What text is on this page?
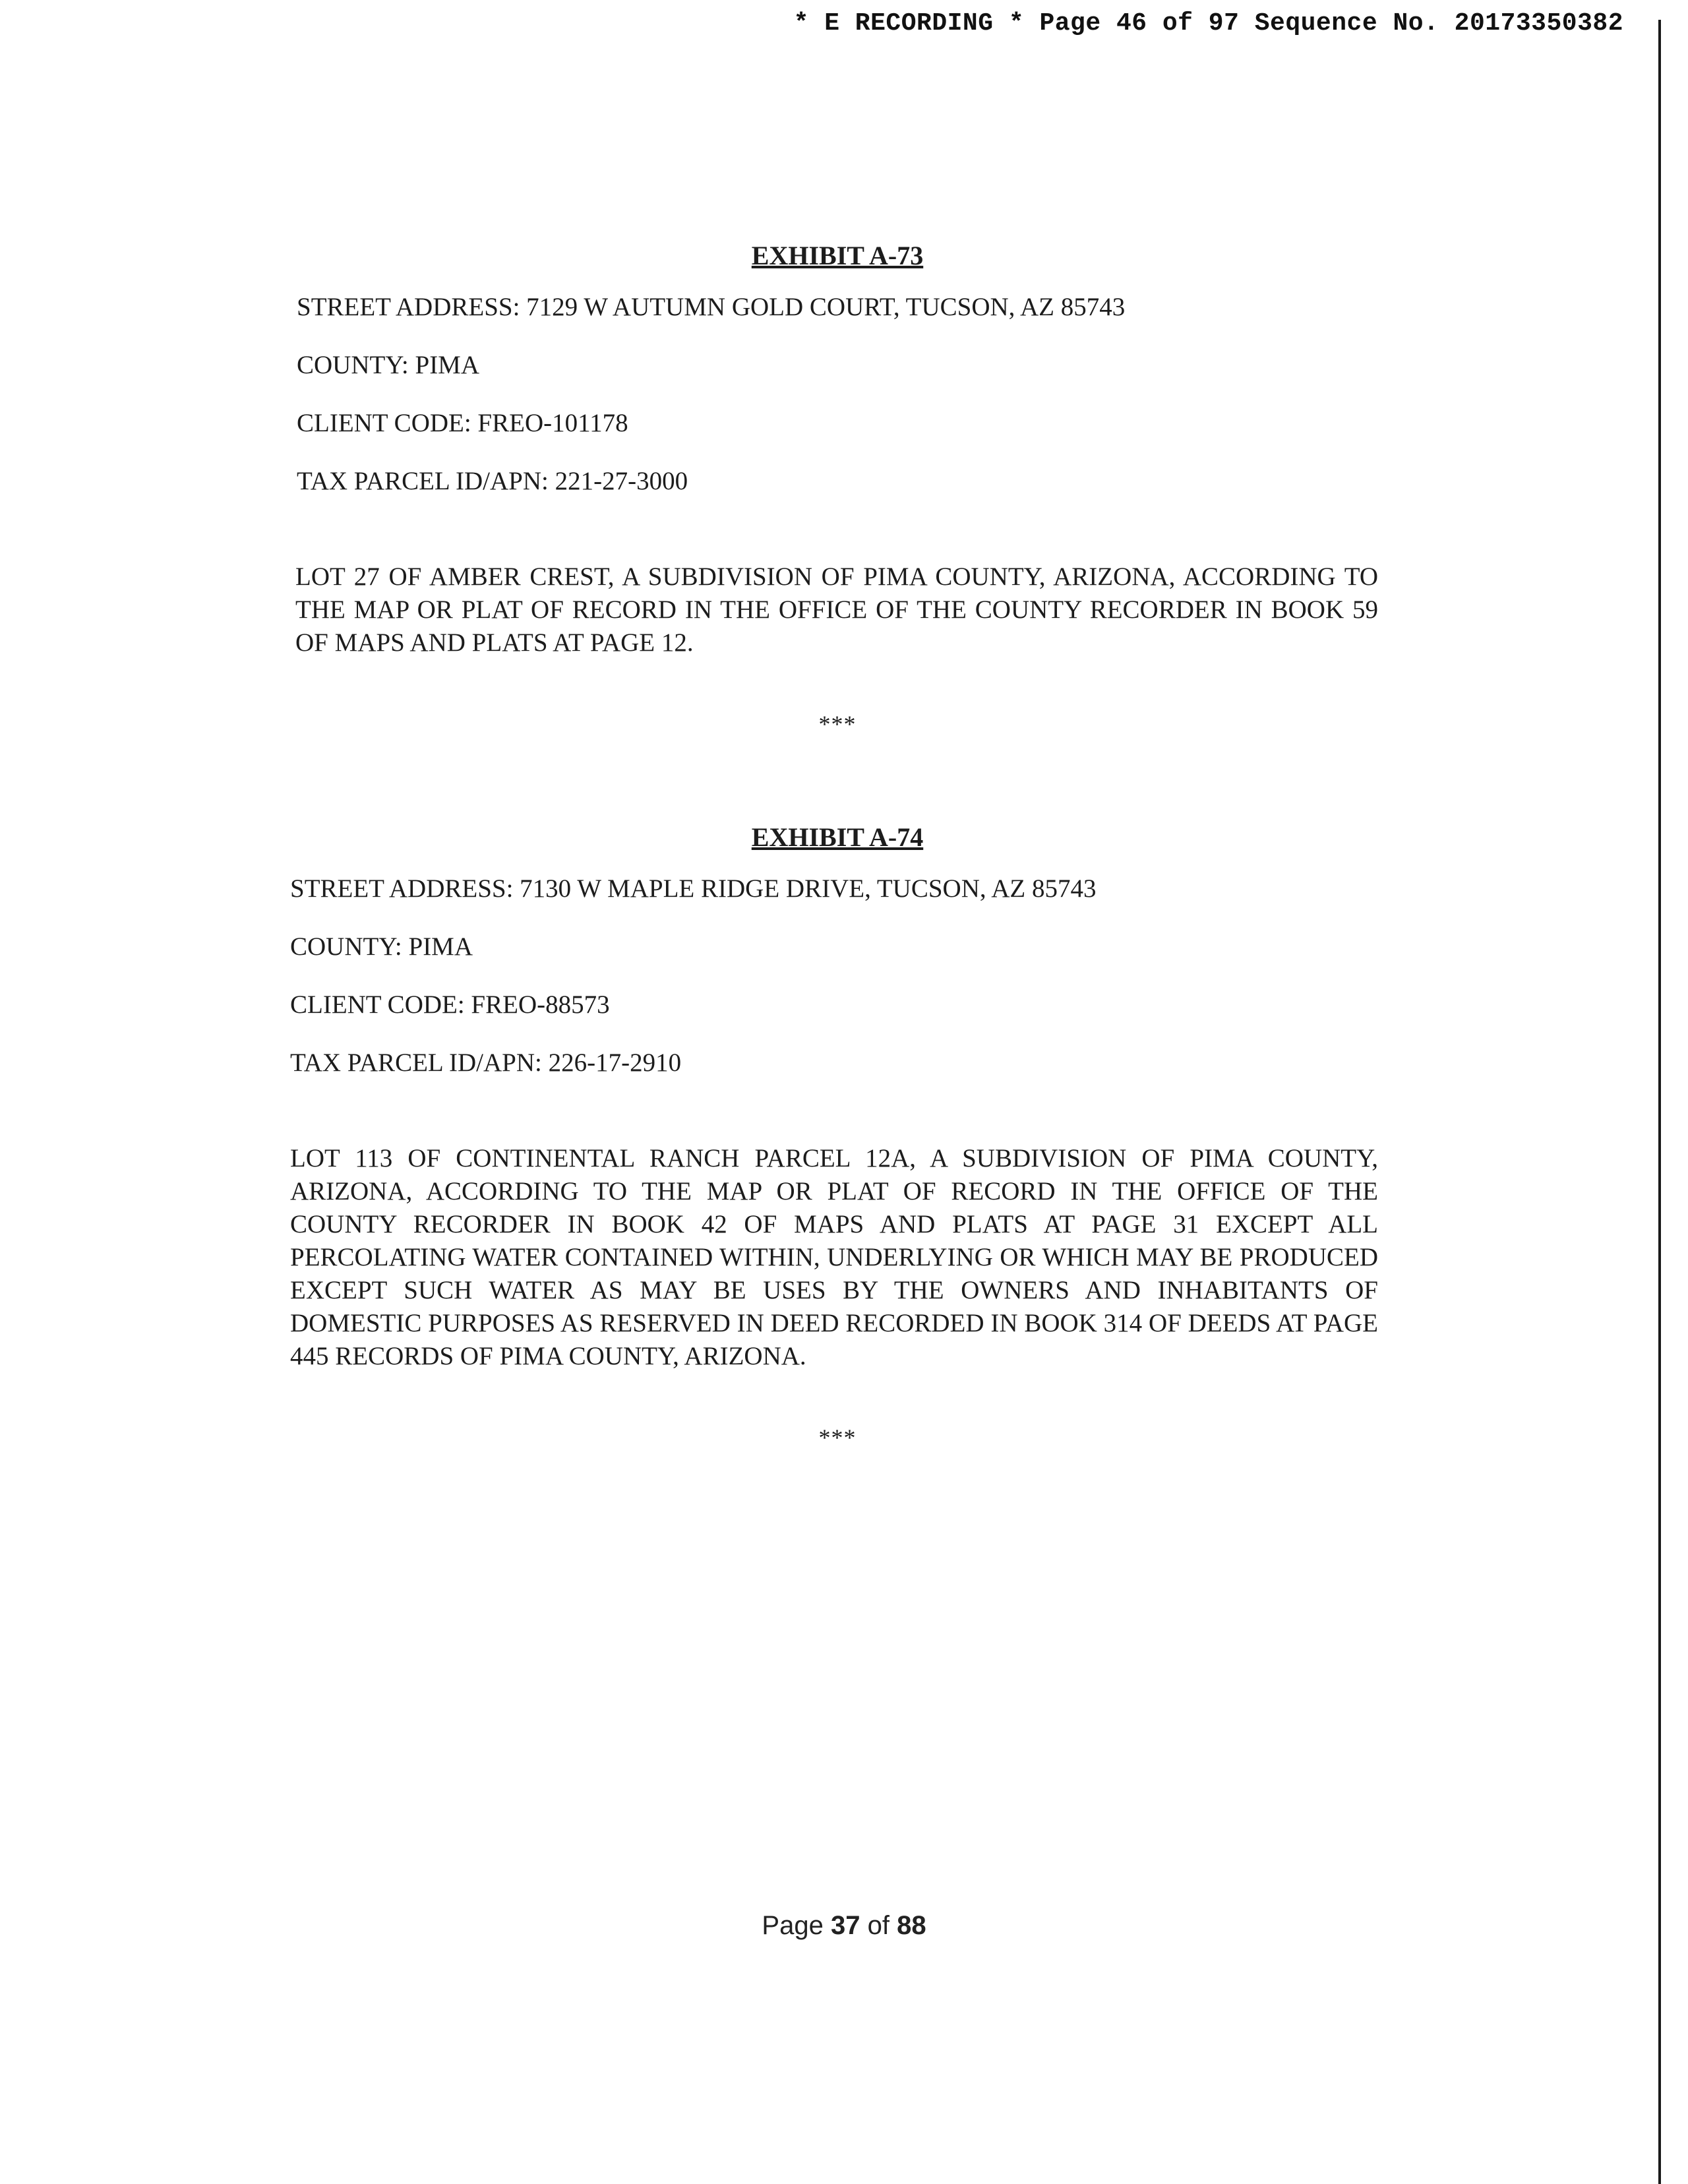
* E RECORDING * Page 46 of 97 Sequence No. 20173350382
EXHIBIT A-73
STREET ADDRESS: 7129 W AUTUMN GOLD COURT, TUCSON, AZ 85743
COUNTY: PIMA
CLIENT CODE: FREO-101178
TAX PARCEL ID/APN: 221-27-3000
LOT 27 OF AMBER CREST, A SUBDIVISION OF PIMA COUNTY, ARIZONA, ACCORDING TO THE MAP OR PLAT OF RECORD IN THE OFFICE OF THE COUNTY RECORDER IN BOOK 59 OF MAPS AND PLATS AT PAGE 12.
***
EXHIBIT A-74
STREET ADDRESS: 7130 W MAPLE RIDGE DRIVE, TUCSON, AZ 85743
COUNTY: PIMA
CLIENT CODE: FREO-88573
TAX PARCEL ID/APN: 226-17-2910
LOT 113 OF CONTINENTAL RANCH PARCEL 12A, A SUBDIVISION OF PIMA COUNTY, ARIZONA, ACCORDING TO THE MAP OR PLAT OF RECORD IN THE OFFICE OF THE COUNTY RECORDER IN BOOK 42 OF MAPS AND PLATS AT PAGE 31 EXCEPT ALL PERCOLATING WATER CONTAINED WITHIN, UNDERLYING OR WHICH MAY BE PRODUCED EXCEPT SUCH WATER AS MAY BE USES BY THE OWNERS AND INHABITANTS OF DOMESTIC PURPOSES AS RESERVED IN DEED RECORDED IN BOOK 314 OF DEEDS AT PAGE 445 RECORDS OF PIMA COUNTY, ARIZONA.
***
Page 37 of 88
